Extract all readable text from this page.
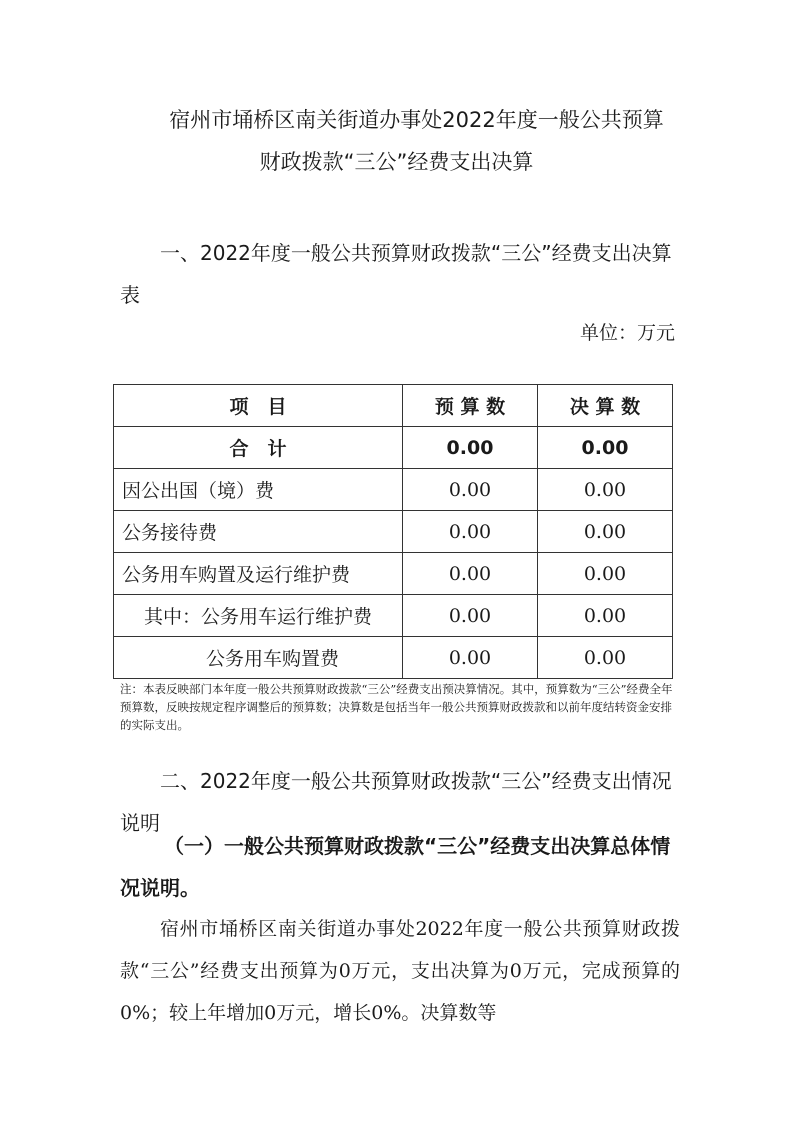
宿州市埇桥区南关街道办事处2022年度一般公共预算
财政拨款“三公”经费支出决算
一、2022年度一般公共预算财政拨款“三公”经费支出决算表
单位：万元
项　目	预 算 数	决 算 数
合　计	0.00	0.00
因公出国（境）费	0.00	0.00
公务接待费	0.00	0.00
公务用车购置及运行维护费	0.00	0.00
其中：公务用车运行维护费	0.00	0.00
公务用车购置费	0.00	0.00
注：本表反映部门本年度一般公共预算财政拨款“三公”经费支出预决算情况。其中，预算数为“三公”经费全年预算数，反映按规定程序调整后的预算数；决算数是包括当年一般公共预算财政拨款和以前年度结转资金安排的实际支出。
二、2022年度一般公共预算财政拨款“三公”经费支出情况说明
（一）一般公共预算财政拨款“三公”经费支出决算总体情况说明。
宿州市埇桥区南关街道办事处2022年度一般公共预算财政拨款“三公”经费支出预算为0万元，支出决算为0万元，完成预算的0%；较上年增加0万元，增长0%。决算数等
